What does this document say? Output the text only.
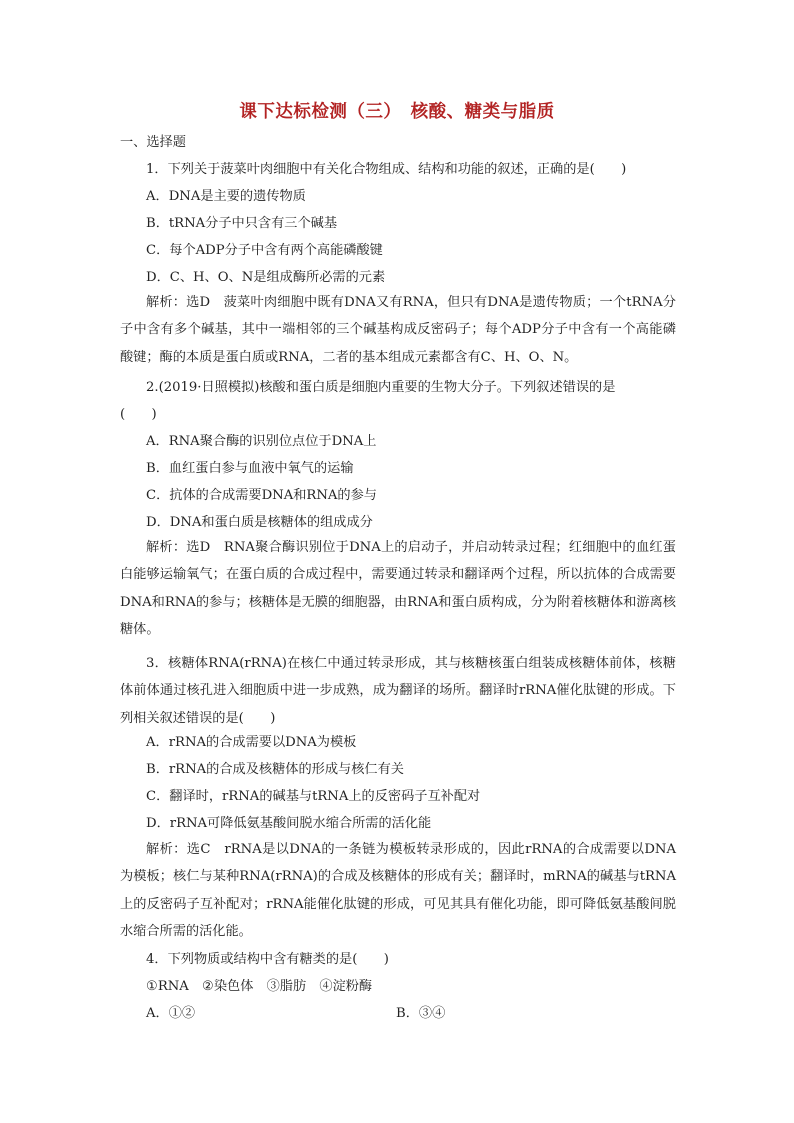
课下达标检测（三）　核酸、糖类与脂质
一、选择题
1．下列关于菠菜叶肉细胞中有关化合物组成、结构和功能的叙述，正确的是(　　)
A．DNA是主要的遗传物质
B．tRNA分子中只含有三个碱基
C．每个ADP分子中含有两个高能磷酸键
D．C、H、O、N是组成酶所必需的元素

解析：选D　菠菜叶肉细胞中既有DNA又有RNA，但只有DNA是遗传物质；一个tRNA分子中含有多个碱基，其中一端相邻的三个碱基构成反密码子；每个ADP分子中含有一个高能磷酸键；酶的本质是蛋白质或RNA，二者的基本组成元素都含有C、H、O、N。

2.(2019·日照模拟)核酸和蛋白质是细胞内重要的生物大分子。下列叙述错误的是
(　　)
A．RNA聚合酶的识别位点位于DNA上
B．血红蛋白参与血液中氧气的运输
C．抗体的合成需要DNA和RNA的参与
D．DNA和蛋白质是核糖体的组成成分

解析：选D　RNA聚合酶识别位于DNA上的启动子，并启动转录过程；红细胞中的血红蛋白能够运输氧气；在蛋白质的合成过程中，需要通过转录和翻译两个过程，所以抗体的合成需要DNA和RNA的参与；核糖体是无膜的细胞器，由RNA和蛋白质构成，分为附着核糖体和游离核糖体。

3．核糖体RNA(rRNA)在核仁中通过转录形成，其与核糖核蛋白组装成核糖体前体，核糖体前体通过核孔进入细胞质中进一步成熟，成为翻译的场所。翻译时rRNA催化肽键的形成。下列相关叙述错误的是(　　)

A．rRNA的合成需要以DNA为模板
B．rRNA的合成及核糖体的形成与核仁有关
C．翻译时，rRNA的碱基与tRNA上的反密码子互补配对
D．rRNA可降低氨基酸间脱水缩合所需的活化能

解析：选C　rRNA是以DNA的一条链为模板转录形成的，因此rRNA的合成需要以DNA为模板；核仁与某种RNA(rRNA)的合成及核糖体的形成有关；翻译时，mRNA的碱基与tRNA上的反密码子互补配对；rRNA能催化肽键的形成，可见其具有催化功能，即可降低氨基酸间脱水缩合所需的活化能。

4．下列物质或结构中含有糖类的是(　　)
①RNA　②染色体　③脂肪　④淀粉酶
A．①②	B．③④
